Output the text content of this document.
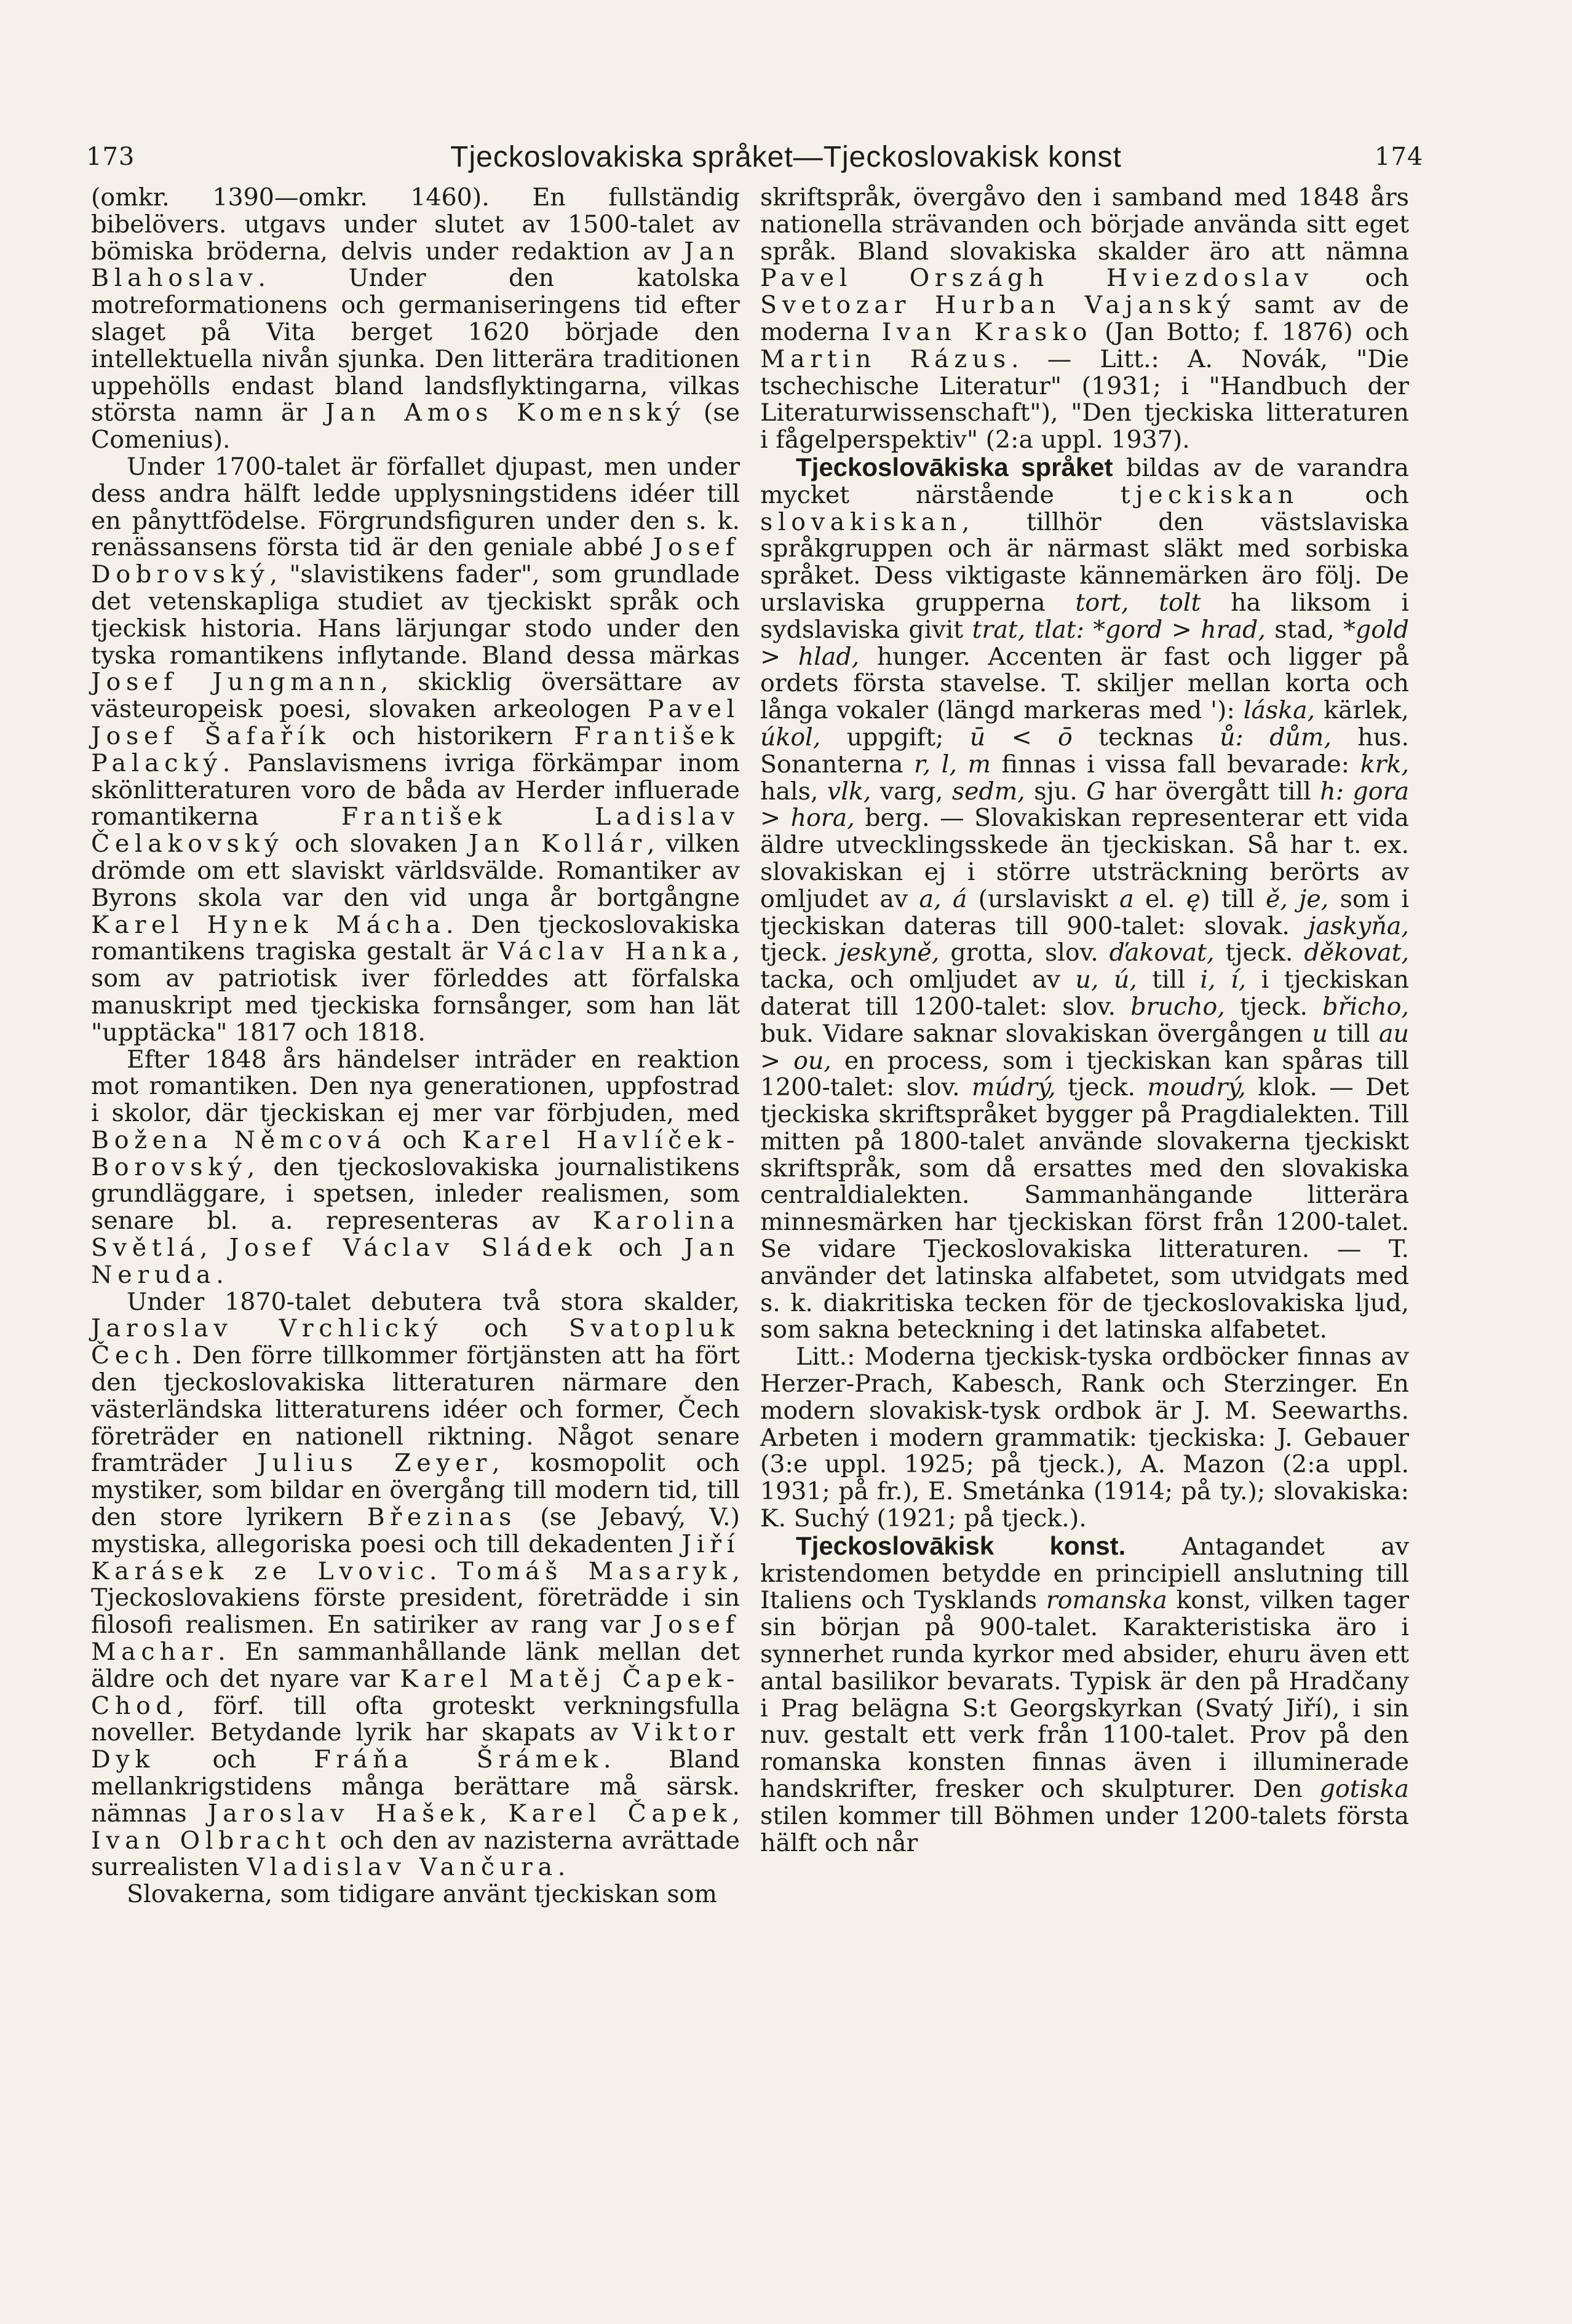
173	Tjeckoslovakiska språket—Tjeckoslovakisk konst	174

(omkr. 1390—omkr. 1460). En fullständig bibelövers. utgavs under slutet av 1500-talet av bömiska bröderna, delvis under redaktion av Jan Blahoslav. Under den katolska motreformationens och germaniseringens tid efter slaget på Vita berget 1620 började den intellektuella nivån sjunka. Den litterära traditionen uppehölls endast bland landsflyktingarna, vilkas största namn är Jan Amos Komenský (se Comenius).

Under 1700-talet är förfallet djupast, men under dess andra hälft ledde upplysningstidens idéer till en pånyttfödelse. Förgrundsfiguren under den s. k. renässansens första tid är den geniale abbé Josef Dobrovský, "slavistikens fader", som grundlade det vetenskapliga studiet av tjeckiskt språk och tjeckisk historia. Hans lärjungar stodo under den tyska romantikens inflytande. Bland dessa märkas Josef Jungmann, skicklig översättare av västeuropeisk poesi, slovaken arkeologen Pavel Josef Šafařík och historikern František Palacký. Panslavismens ivriga förkämpar inom skönlitteraturen voro de båda av Herder influerade romantikerna František Ladislav Čelakovský och slovaken Jan Kollár, vilken drömde om ett slaviskt världsvälde. Romantiker av Byrons skola var den vid unga år bortgångne Karel Hynek Mácha. Den tjeckoslovakiska romantikens tragiska gestalt är Václav Hanka, som av patriotisk iver förleddes att förfalska manuskript med tjeckiska fornsånger, som han lät "upptäcka" 1817 och 1818.

Efter 1848 års händelser inträder en reaktion mot romantiken. Den nya generationen, uppfostrad i skolor, där tjeckiskan ej mer var förbjuden, med Božena Němcová och Karel Havlíček-Borovský, den tjeckoslovakiska journalistikens grundläggare, i spetsen, inleder realismen, som senare bl. a. representeras av Karolina Světlá, Josef Václav Sládek och Jan Neruda.

Under 1870-talet debutera två stora skalder, Jaroslav Vrchlický och Svatopluk Čech. Den förre tillkommer förtjänsten att ha fört den tjeckoslovakiska litteraturen närmare den västerländska litteraturens idéer och former, Čech företräder en nationell riktning. Något senare framträder Julius Zeyer, kosmopolit och mystiker, som bildar en övergång till modern tid, till den store lyrikern Březinas (se Jebavý, V.) mystiska, allegoriska poesi och till dekadenten Jiří Karásek ze Lvovic. Tomáš Masaryk, Tjeckoslovakiens förste president, företrädde i sin filosofi realismen. En satiriker av rang var Josef Machar. En sammanhållande länk mellan det äldre och det nyare var Karel Matěj Čapek-Chod, förf. till ofta groteskt verkningsfulla noveller. Betydande lyrik har skapats av Viktor Dyk och Fráňa Šrámek. Bland mellankrigstidens många berättare må särsk. nämnas Jaroslav Hašek, Karel Čapek, Ivan Olbracht och den av nazisterna avrättade surrealisten Vladislav Vančura.

Slovakerna, som tidigare använt tjeckiskan som

skriftspråk, övergåvo den i samband med 1848 års nationella strävanden och började använda sitt eget språk. Bland slovakiska skalder äro att nämna Pavel Országh Hviezdoslav och Svetozar Hurban Vajanský samt av de moderna Ivan Krasko (Jan Botto; f. 1876) och Martin Rázus. — Litt.: A. Novák, "Die tschechische Literatur" (1931; i "Handbuch der Literaturwissenschaft"), "Den tjeckiska litteraturen i fågelperspektiv" (2:a uppl. 1937).

Tjeckoslovākiska språket bildas av de varandra mycket närstående tjeckiskan och slovakiskan, tillhör den västslaviska språkgruppen och är närmast släkt med sorbiska språket. Dess viktigaste kännemärken äro följ. De urslaviska grupperna tort, tolt ha liksom i sydslaviska givit trat, tlat: *gord > hrad, stad, *gold > hlad, hunger. Accenten är fast och ligger på ordets första stavelse. T. skiljer mellan korta och långa vokaler (längd markeras med '): láska, kärlek, úkol, uppgift; ū < ō tecknas ů: dům, hus. Sonanterna r, l, m finnas i vissa fall bevarade: krk, hals, vlk, varg, sedm, sju. G har övergått till h: gora > hora, berg. — Slovakiskan representerar ett vida äldre utvecklingsskede än tjeckiskan. Så har t. ex. slovakiskan ej i större utsträckning berörts av omljudet av a, á (urslaviskt a el. ę) till ě, je, som i tjeckiskan dateras till 900-talet: slovak. jaskyňa, tjeck. jeskyně, grotta, slov. ďakovat, tjeck. děkovat, tacka, och omljudet av u, ú, till i, í, i tjeckiskan daterat till 1200-talet: slov. brucho, tjeck. břicho, buk. Vidare saknar slovakiskan övergången u till au > ou, en process, som i tjeckiskan kan spåras till 1200-talet: slov. múdrý, tjeck. moudrý, klok. — Det tjeckiska skriftspråket bygger på Pragdialekten. Till mitten på 1800-talet använde slovakerna tjeckiskt skriftspråk, som då ersattes med den slovakiska centraldialekten. Sammanhängande litterära minnesmärken har tjeckiskan först från 1200-talet. Se vidare Tjeckoslovakiska litteraturen. — T. använder det latinska alfabetet, som utvidgats med s. k. diakritiska tecken för de tjeckoslovakiska ljud, som sakna beteckning i det latinska alfabetet.

Litt.: Moderna tjeckisk-tyska ordböcker finnas av Herzer-Prach, Kabesch, Rank och Sterzinger. En modern slovakisk-tysk ordbok är J. M. Seewarths. Arbeten i modern grammatik: tjeckiska: J. Gebauer (3:e uppl. 1925; på tjeck.), A. Mazon (2:a uppl. 1931; på fr.), E. Smetánka (1914; på ty.); slovakiska: K. Suchý (1921; på tjeck.).

Tjeckoslovākisk konst. Antagandet av kristendomen betydde en principiell anslutning till Italiens och Tysklands romanska konst, vilken tager sin början på 900-talet. Karakteristiska äro i synnerhet runda kyrkor med absider, ehuru även ett antal basilikor bevarats. Typisk är den på Hradčany i Prag belägna S:t Georgskyrkan (Svatý Jiří), i sin nuv. gestalt ett verk från 1100-talet. Prov på den romanska konsten finnas även i illuminerade handskrifter, fresker och skulpturer. Den gotiska stilen kommer till Böhmen under 1200-talets första hälft och når
